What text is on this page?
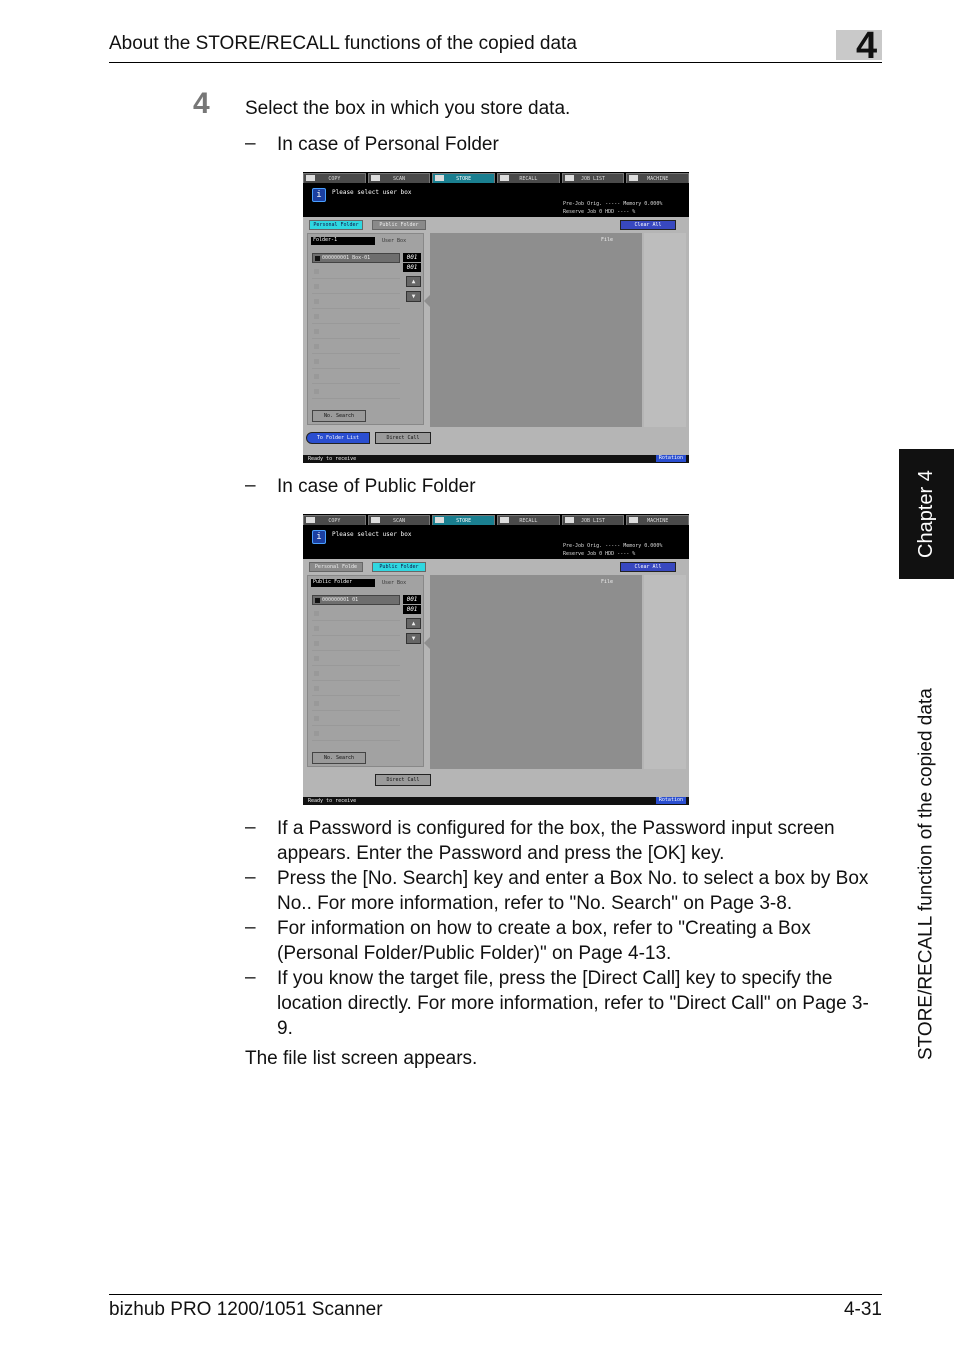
About the STORE/RECALL functions of the copied data	4
Chapter 4
STORE/RECALL function of the copied data
4 Select the box in which you store data.
– In case of Personal Folder
COPY	SCAN	STORE	RECALL	JOB LIST	MACHINE
i	Please select user box
Pre-Job Orig. ----- Memory 0.000%
Reserve Job 0 HDD ---- %
Personal Folder	Public Folder	Clear All
Folder-1	User Box
000000001 Box-01	001
001
▲
▼
No. Search
File
To Folder List	Direct Call
Ready to receive	Rotation
– In case of Public Folder
COPY	SCAN	STORE	RECALL	JOB LIST	MACHINE
i	Please select user box
Pre-Job Orig. ----- Memory 0.000%
Reserve Job 0 HDD ---- %
Personal Folde	Public Folder	Clear All
Public Folder	User Box
000000001 01	001
001
▲
▼
No. Search
File
Direct Call
Ready to receive	Rotation
– If a Password is configured for the box, the Password input screen appears. Enter the Password and press the [OK] key.
– Press the [No. Search] key and enter a Box No. to select a box by Box No.. For more information, refer to "No. Search" on Page 3-8.
– For information on how to create a box, refer to "Creating a Box (Personal Folder/Public Folder)" on Page 4-13.
– If you know the target file, press the [Direct Call] key to specify the location directly. For more information, refer to "Direct Call" on Page 3-9.
The file list screen appears.
bizhub PRO 1200/1051 Scanner	4-31
